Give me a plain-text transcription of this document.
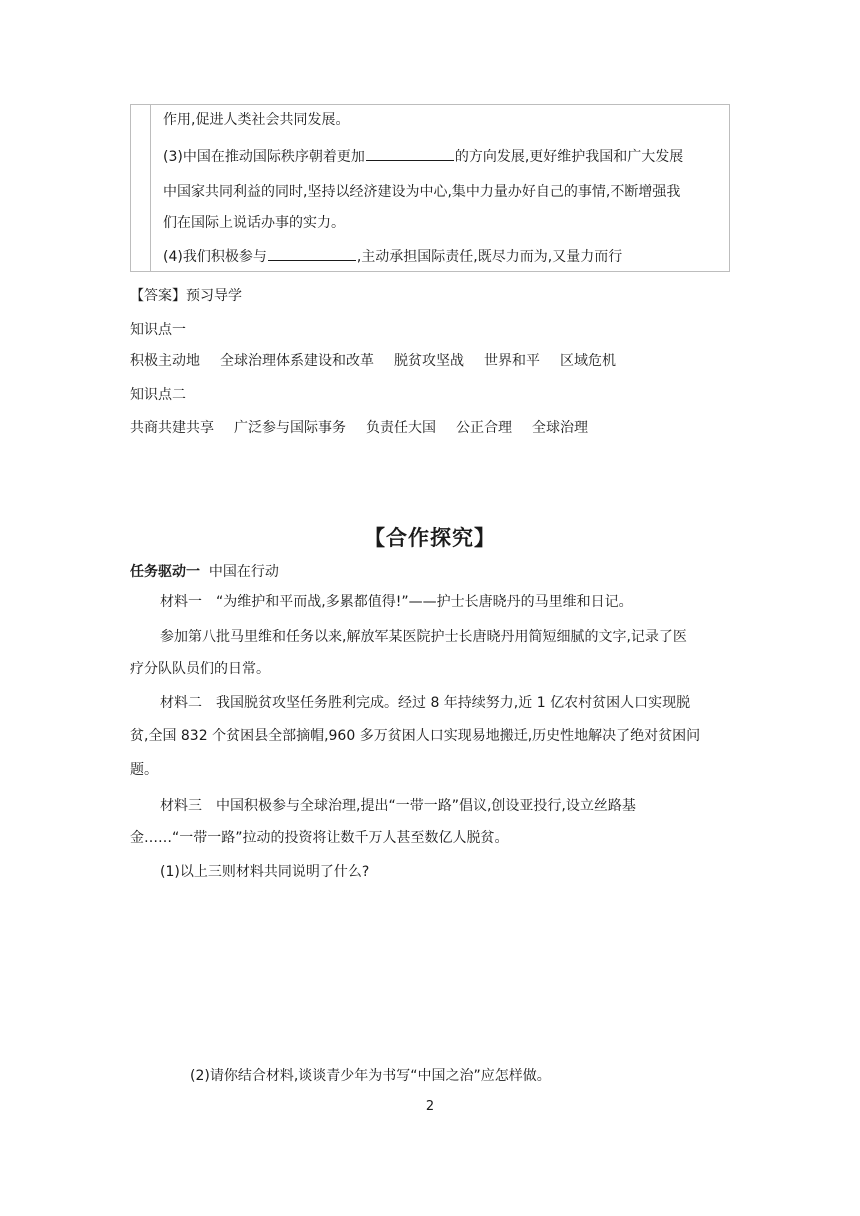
作用,促进人类社会共同发展。
(3)中国在推动国际秩序朝着更加	的方向发展,更好维护我国和广大发展
中国家共同利益的同时,坚持以经济建设为中心,集中力量办好自己的事情,不断增强我
们在国际上说话办事的实力。
(4)我们积极参与	,主动承担国际责任,既尽力而为,又量力而行
【答案】预习导学
知识点一
积极主动地 全球治理体系建设和改革 脱贫攻坚战 世界和平 区域危机
知识点二
共商共建共享 广泛参与国际事务 负责任大国 公正合理 全球治理
【合作探究】
任务驱动一 中国在行动
材料一　“为维护和平而战,多累都值得!”——护士长唐晓丹的马里维和日记。
参加第八批马里维和任务以来,解放军某医院护士长唐晓丹用简短细腻的文字,记录了医
疗分队队员们的日常。
材料二　我国脱贫攻坚任务胜利完成。经过 8 年持续努力,近 1 亿农村贫困人口实现脱
贫,全国 832 个贫困县全部摘帽,960 多万贫困人口实现易地搬迁,历史性地解决了绝对贫困问
题。
材料三　中国积极参与全球治理,提出“一带一路”倡议,创设亚投行,设立丝路基
金……“一带一路”拉动的投资将让数千万人甚至数亿人脱贫。
(1)以上三则材料共同说明了什么?
(2)请你结合材料,谈谈青少年为书写“中国之治”应怎样做。
2
